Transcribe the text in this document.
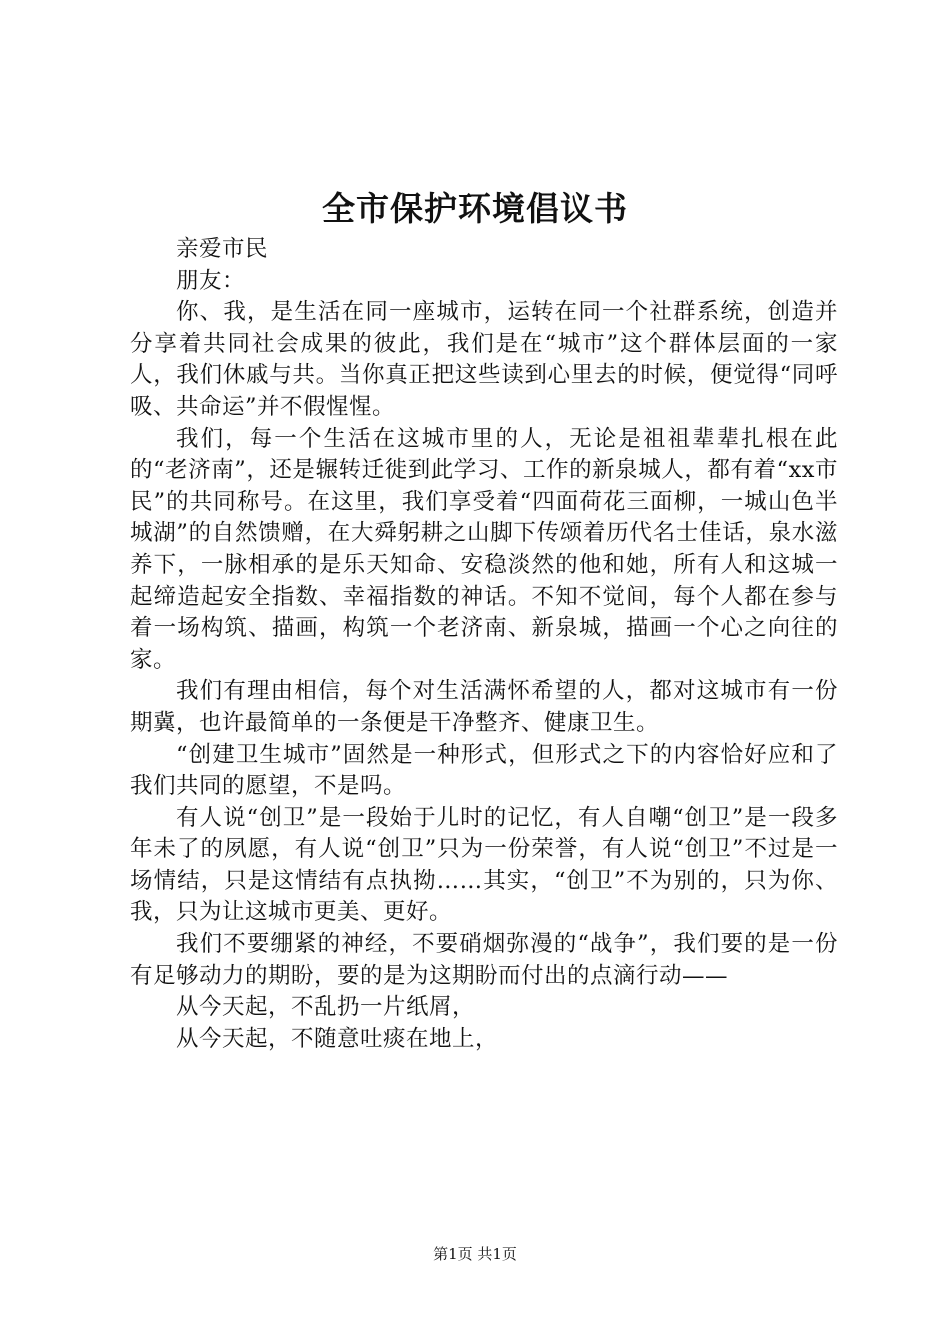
全市保护环境倡议书

亲爱市民

朋友：

你、我，是生活在同一座城市，运转在同一个社群系统，创造并分享着共同社会成果的彼此，我们是在“城市”这个群体层面的一家人，我们休戚与共。当你真正把这些读到心里去的时候，便觉得“同呼吸、共命运”并不假惺惺。

我们，每一个生活在这城市里的人，无论是祖祖辈辈扎根在此的“老济南”，还是辗转迁徙到此学习、工作的新泉城人，都有着“xx市民”的共同称号。在这里，我们享受着“四面荷花三面柳，一城山色半城湖”的自然馈赠，在大舜躬耕之山脚下传颂着历代名士佳话，泉水滋养下，一脉相承的是乐天知命、安稳淡然的他和她，所有人和这城一起缔造起安全指数、幸福指数的神话。不知不觉间，每个人都在参与着一场构筑、描画，构筑一个老济南、新泉城，描画一个心之向往的家。

我们有理由相信，每个对生活满怀希望的人，都对这城市有一份期冀，也许最简单的一条便是干净整齐、健康卫生。

“创建卫生城市”固然是一种形式，但形式之下的内容恰好应和了我们共同的愿望，不是吗。

有人说“创卫”是一段始于儿时的记忆，有人自嘲“创卫”是一段多年未了的夙愿，有人说“创卫”只为一份荣誉，有人说“创卫”不过是一场情结，只是这情结有点执拗……其实，“创卫”不为别的，只为你、我，只为让这城市更美、更好。

我们不要绷紧的神经，不要硝烟弥漫的“战争”，我们要的是一份有足够动力的期盼，要的是为这期盼而付出的点滴行动——

从今天起，不乱扔一片纸屑，

从今天起，不随意吐痰在地上，

第1页 共1页
